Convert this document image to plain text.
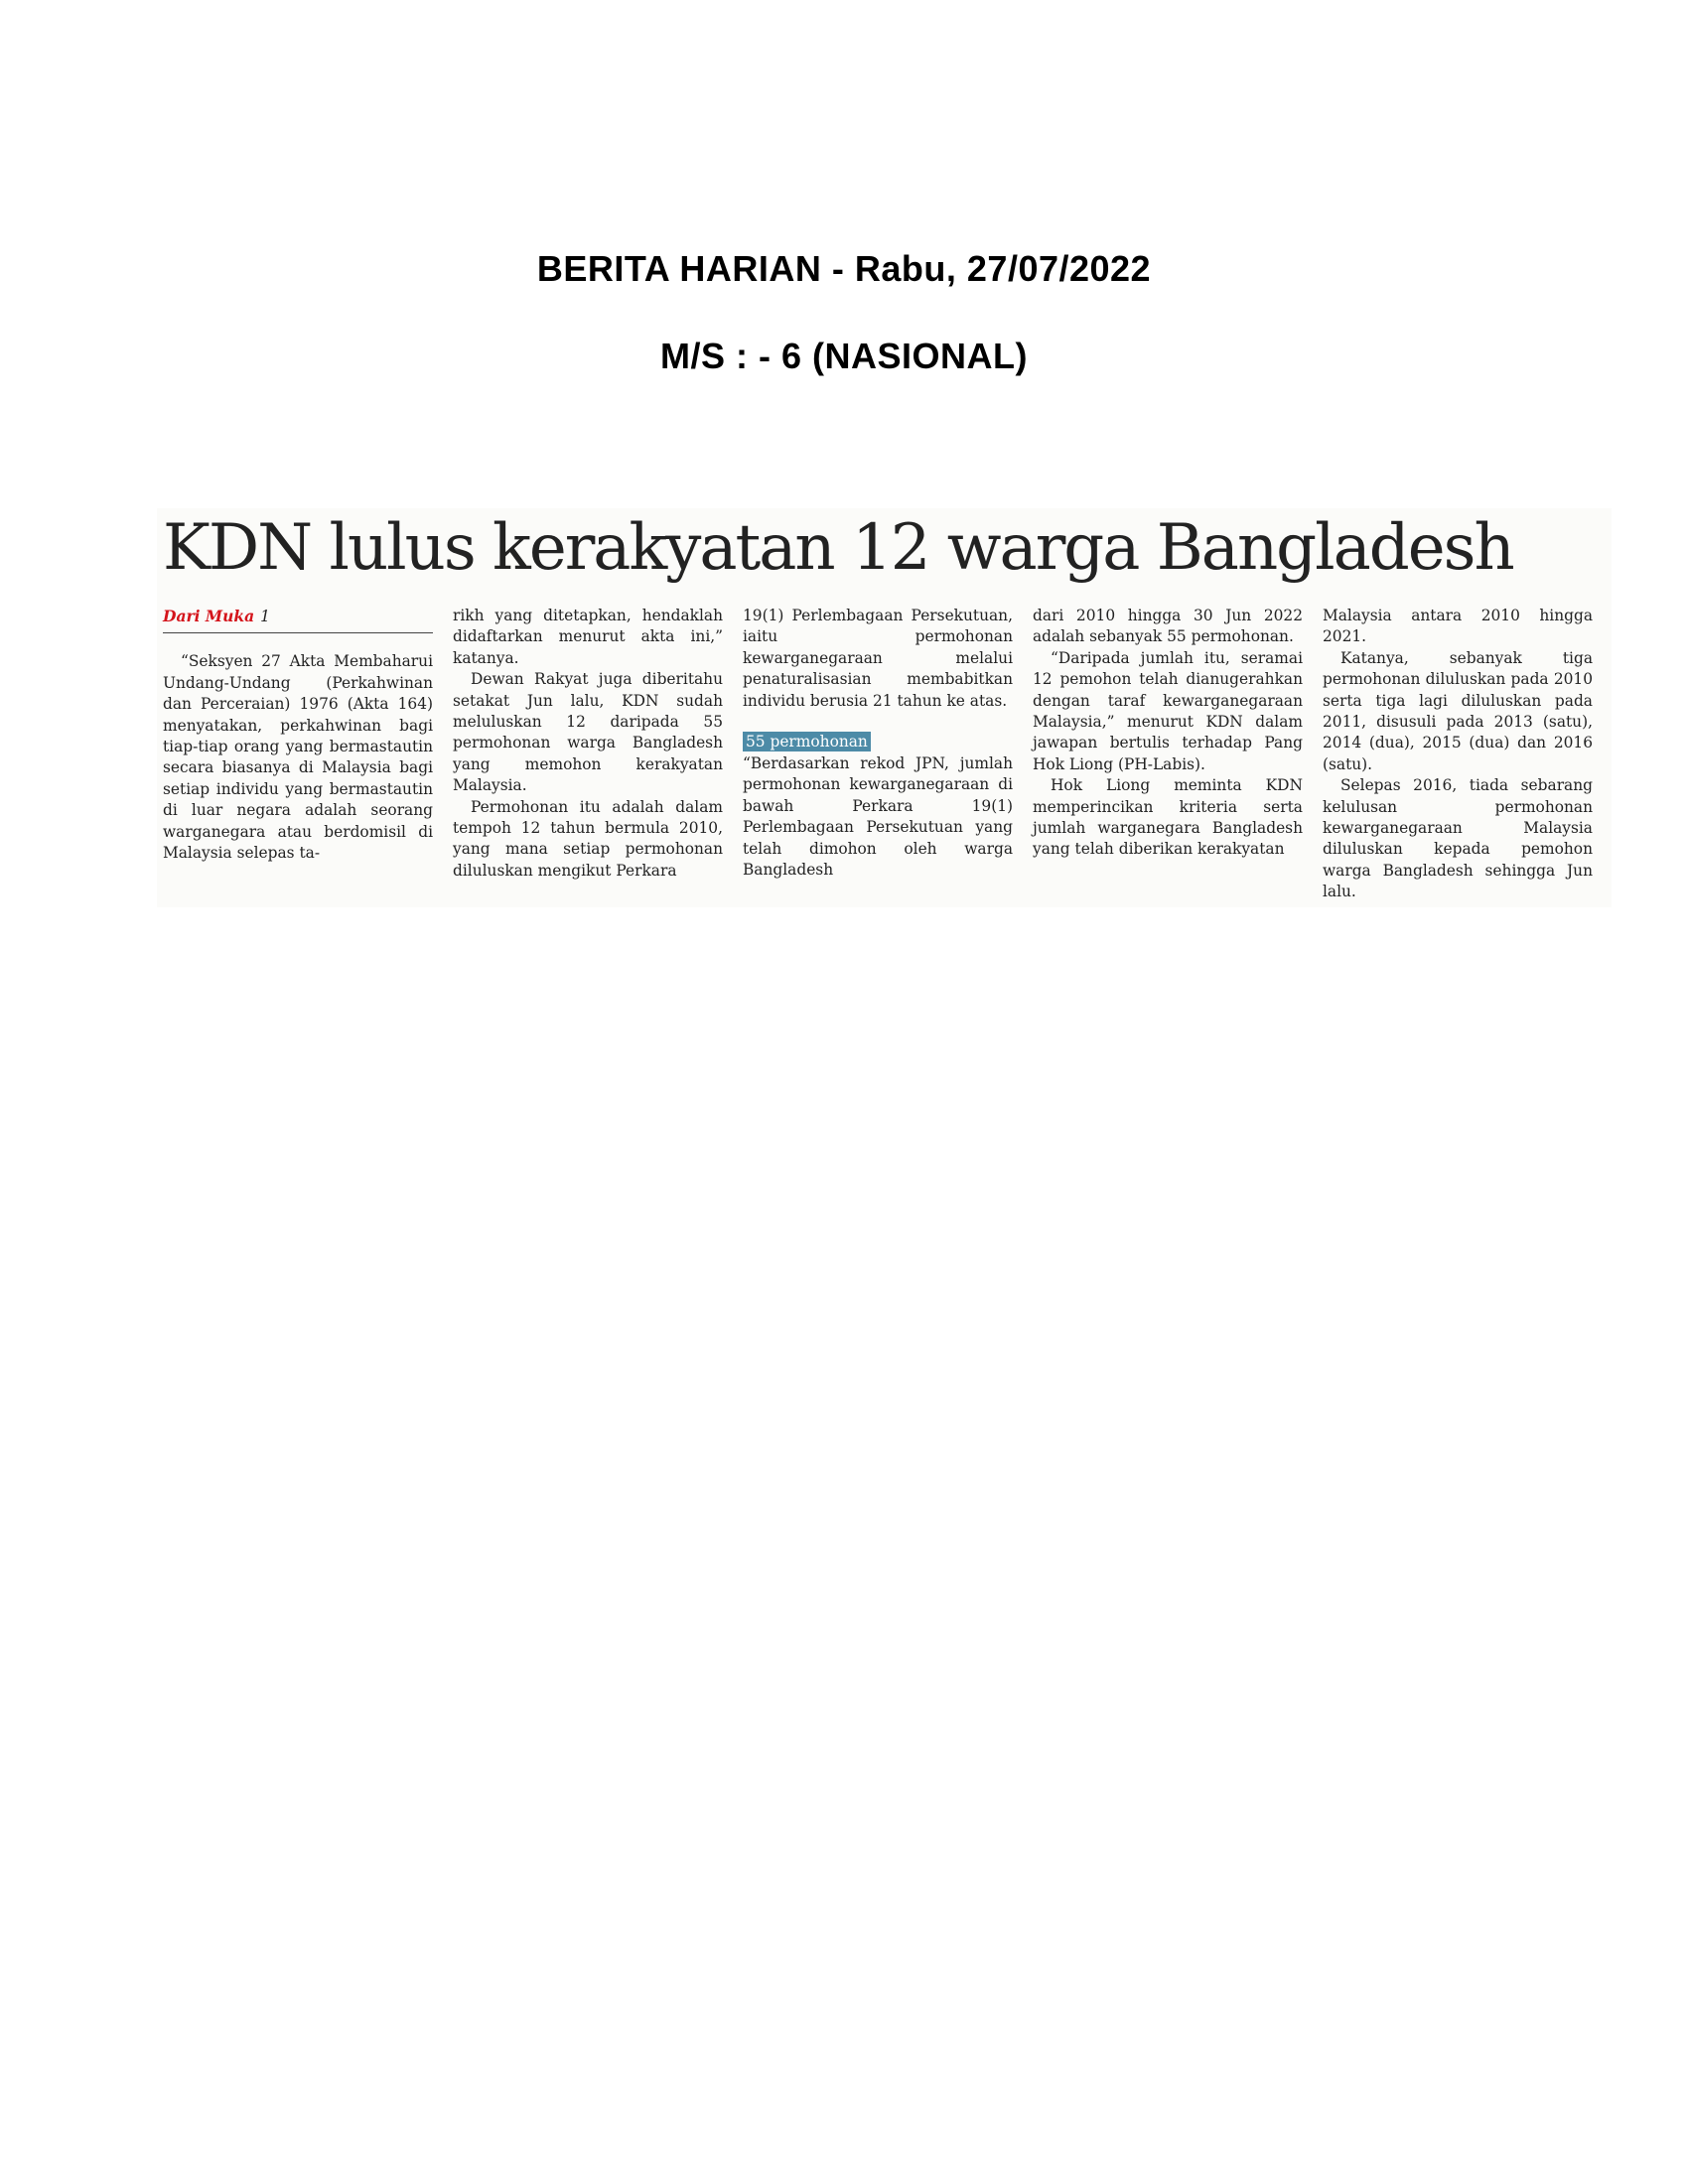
BERITA HARIAN - Rabu, 27/07/2022
M/S : - 6 (NASIONAL)
KDN lulus kerakyatan 12 warga Bangladesh
Dari Muka 1

“Seksyen 27 Akta Membaharui Undang-Undang (Perkahwinan dan Perceraian) 1976 (Akta 164) menyatakan, perkahwinan bagi tiap-tiap orang yang bermastautin secara biasanya di Malaysia bagi setiap individu yang bermastautin di luar negara adalah seorang warganegara atau berdomisil di Malaysia selepas ta-

rikh yang ditetapkan, hendaklah didaftarkan menurut akta ini,” katanya.

Dewan Rakyat juga diberitahu setakat Jun lalu, KDN sudah meluluskan 12 daripada 55 permohonan warga Bangladesh yang memohon kerakyatan Malaysia.

Permohonan itu adalah dalam tempoh 12 tahun bermula 2010, yang mana setiap permohonan diluluskan mengikut Perkara

19(1) Perlembagaan Persekutuan, iaitu permohonan kewarganegaraan melalui penaturalisasian membabitkan individu berusia 21 tahun ke atas.

55 permohonan

“Berdasarkan rekod JPN, jumlah permohonan kewarganegaraan di bawah Perkara 19(1) Perlembagaan Persekutuan yang telah dimohon oleh warga Bangladesh

dari 2010 hingga 30 Jun 2022 adalah sebanyak 55 permohonan.

“Daripada jumlah itu, seramai 12 pemohon telah dianugerahkan dengan taraf kewarganegaraan Malaysia,” menurut KDN dalam jawapan bertulis terhadap Pang Hok Liong (PH-Labis).

Hok Liong meminta KDN memperincikan kriteria serta jumlah warganegara Bangladesh yang telah diberikan kerakyatan

Malaysia antara 2010 hingga 2021.

Katanya, sebanyak tiga permohonan diluluskan pada 2010 serta tiga lagi diluluskan pada 2011, disusuli pada 2013 (satu), 2014 (dua), 2015 (dua) dan 2016 (satu).

Selepas 2016, tiada sebarang kelulusan permohonan kewarganegaraan Malaysia diluluskan kepada pemohon warga Bangladesh sehingga Jun lalu.
